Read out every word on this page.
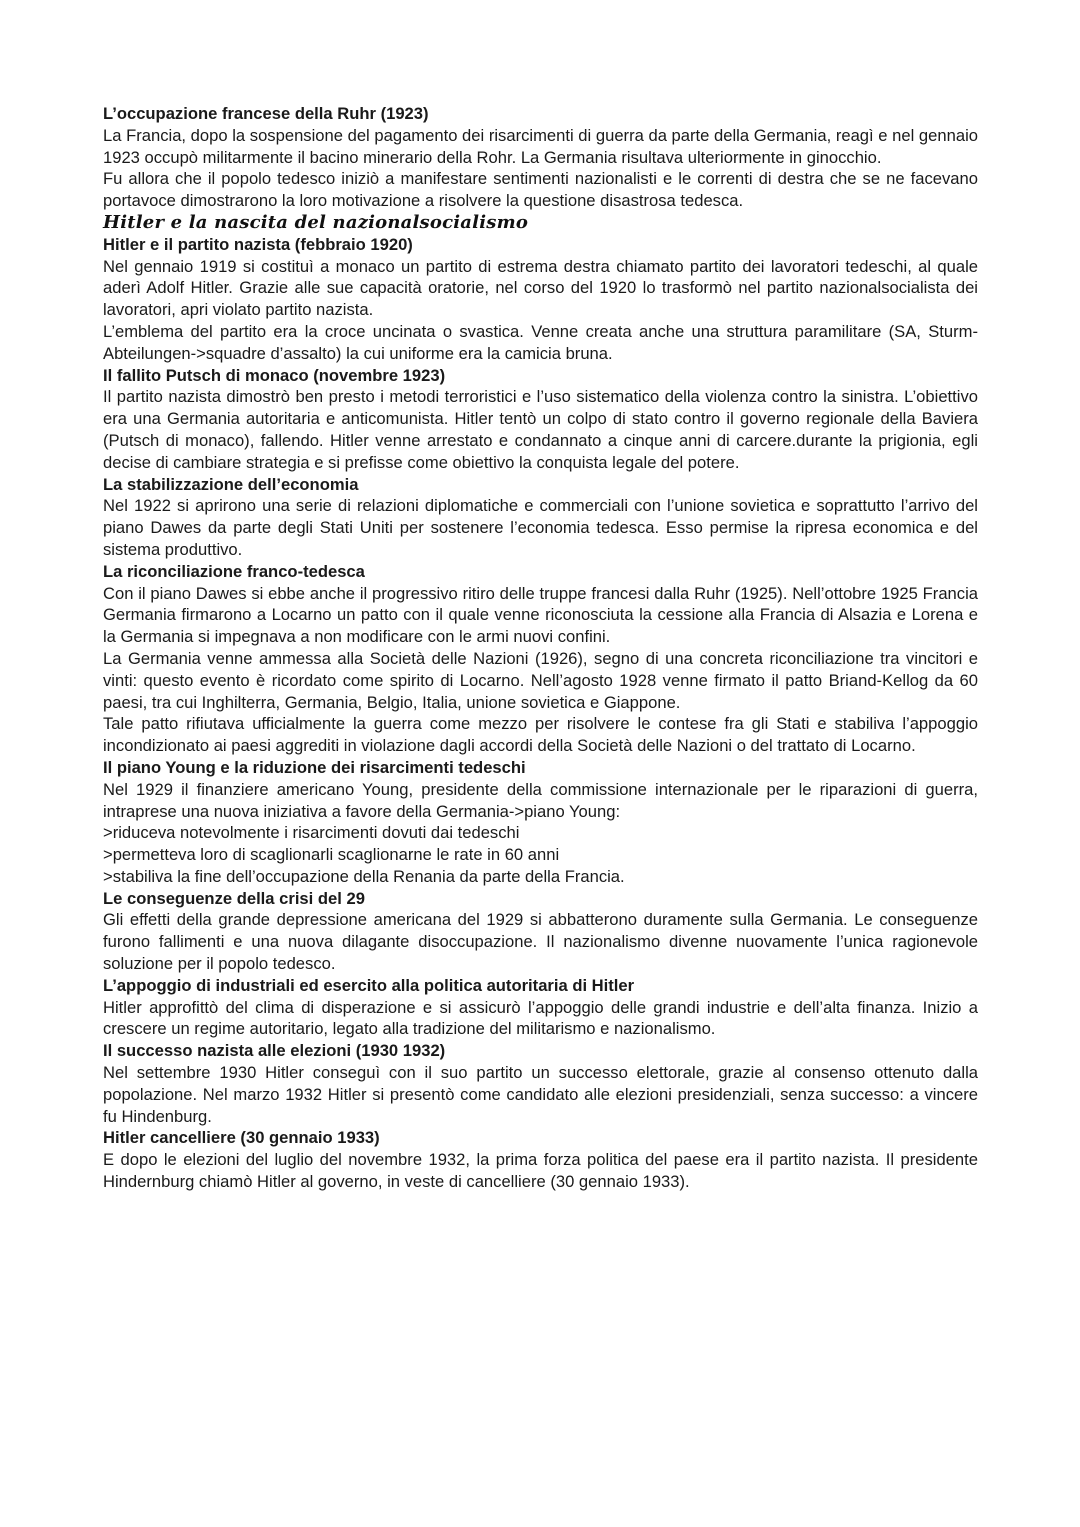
L’occupazione francese della Ruhr (1923)

La Francia, dopo la sospensione del pagamento dei risarcimenti di guerra da parte della Germania, reagì e nel gennaio 1923 occupò militarmente il bacino minerario della Rohr. La Germania risultava ulteriormente in ginocchio.

Fu allora che il popolo tedesco iniziò a manifestare sentimenti nazionalisti e le correnti di destra che se ne facevano portavoce dimostrarono la loro motivazione a risolvere la questione disastrosa tedesca.

Hitler e la nascita del nazionalsocialismo

Hitler e il partito nazista (febbraio 1920)

Nel gennaio 1919 si costituì a monaco un partito di estrema destra chiamato partito dei lavoratori tedeschi, al quale aderì Adolf Hitler. Grazie alle sue capacità oratorie, nel corso del 1920 lo trasformò nel partito nazionalsocialista dei lavoratori, apri violato partito nazista.

L’emblema del partito era la croce uncinata o svastica. Venne creata anche una struttura paramilitare (SA, Sturm-Abteilungen->squadre d’assalto) la cui uniforme era la camicia bruna.

Il fallito Putsch di monaco (novembre 1923)

Il partito nazista dimostrò ben presto i metodi terroristici e l’uso sistematico della violenza contro la sinistra. L’obiettivo era una Germania autoritaria e anticomunista. Hitler tentò un colpo di stato contro il governo regionale della Baviera (Putsch di monaco), fallendo. Hitler venne arrestato e condannato a cinque anni di carcere.durante la prigionia, egli decise di cambiare strategia e si prefisse come obiettivo la conquista legale del potere.

La stabilizzazione dell’economia

Nel 1922 si aprirono una serie di relazioni diplomatiche e commerciali con l’unione sovietica e soprattutto l’arrivo del piano Dawes da parte degli Stati Uniti per sostenere l’economia tedesca. Esso permise la ripresa economica e del sistema produttivo.

La riconciliazione franco-tedesca

Con il piano Dawes si ebbe anche il progressivo ritiro delle truppe francesi dalla Ruhr (1925). Nell’ottobre 1925 Francia Germania firmarono a Locarno un patto con il quale venne riconosciuta la cessione alla Francia di Alsazia e Lorena e la Germania si impegnava a non modificare con le armi nuovi confini.

La Germania venne ammessa alla Società delle Nazioni (1926), segno di una concreta riconciliazione tra vincitori e vinti: questo evento è ricordato come spirito di Locarno. Nell’agosto 1928 venne firmato il patto Briand-Kellog da 60 paesi, tra cui Inghilterra, Germania, Belgio, Italia, unione sovietica e Giappone.

Tale patto rifiutava ufficialmente la guerra come mezzo per risolvere le contese fra gli Stati e stabiliva l’appoggio incondizionato ai paesi aggrediti in violazione dagli accordi della Società delle Nazioni o del trattato di Locarno.

Il piano Young e la riduzione dei risarcimenti tedeschi

Nel 1929 il finanziere americano Young, presidente della commissione internazionale per le riparazioni di guerra, intraprese una nuova iniziativa a favore della Germania->piano Young:

>riduceva notevolmente i risarcimenti dovuti dai tedeschi

>permetteva loro di scaglionarli scaglionarne le rate in 60 anni

>stabiliva la fine dell’occupazione della Renania da parte della Francia.

Le conseguenze della crisi del 29

Gli effetti della grande depressione americana del 1929 si abbatterono duramente sulla Germania. Le conseguenze furono fallimenti e una nuova dilagante disoccupazione. Il nazionalismo divenne nuovamente l’unica ragionevole soluzione per il popolo tedesco.

L’appoggio di industriali ed esercito alla politica autoritaria di Hitler

Hitler approfittò del clima di disperazione e si assicurò l’appoggio delle grandi industrie e dell’alta finanza. Inizio a crescere un regime autoritario, legato alla tradizione del militarismo e nazionalismo.

Il successo nazista alle elezioni (1930 1932)

Nel settembre 1930 Hitler conseguì con il suo partito un successo elettorale, grazie al consenso ottenuto dalla popolazione. Nel marzo 1932 Hitler si presentò come candidato alle elezioni presidenziali, senza successo: a vincere fu Hindenburg.

Hitler cancelliere (30 gennaio 1933)

E dopo le elezioni del luglio del novembre 1932, la prima forza politica del paese era il partito nazista. Il presidente Hindernburg chiamò Hitler al governo, in veste di cancelliere (30 gennaio 1933).
